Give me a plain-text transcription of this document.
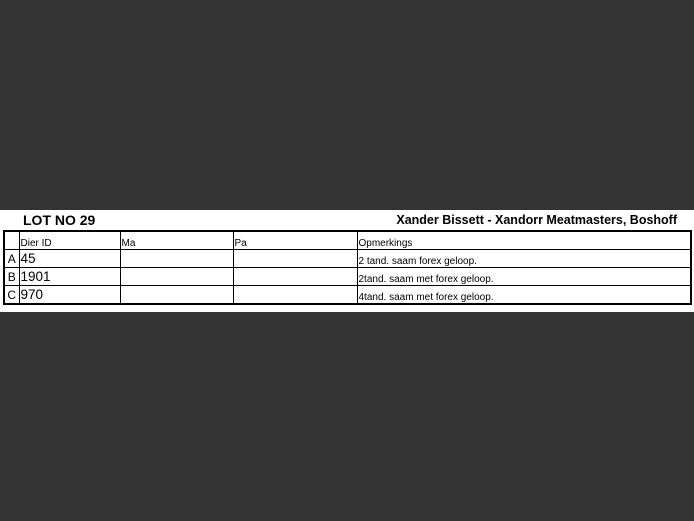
LOT NO 29	Xander Bissett - Xandorr Meatmasters, Boshoff
	Dier ID	Ma	Pa	Opmerkings
A	45			2 tand. saam forex geloop.
B	1901			2tand. saam met forex geloop.
C	970			4tand. saam met forex geloop.
